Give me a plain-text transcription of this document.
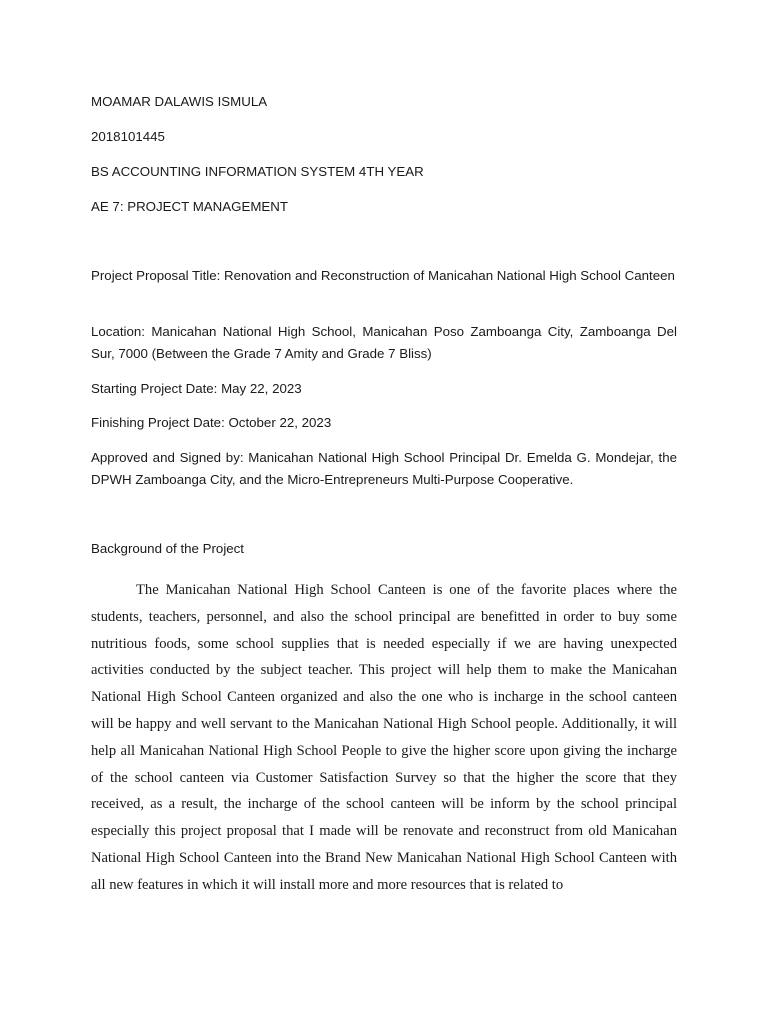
MOAMAR DALAWIS ISMULA

2018101445

BS ACCOUNTING INFORMATION SYSTEM 4TH YEAR

AE 7: PROJECT MANAGEMENT

Project Proposal Title: Renovation and Reconstruction of Manicahan National High School Canteen

Location: Manicahan National High School, Manicahan Poso Zamboanga City, Zamboanga Del Sur, 7000 (Between the Grade 7 Amity and Grade 7 Bliss)

Starting Project Date: May 22, 2023

Finishing Project Date: October 22, 2023

Approved and Signed by: Manicahan National High School Principal Dr. Emelda G. Mondejar, the DPWH Zamboanga City, and the Micro-Entrepreneurs Multi-Purpose Cooperative.

Background of the Project

The Manicahan National High School Canteen is one of the favorite places where the students, teachers, personnel, and also the school principal are benefitted in order to buy some nutritious foods, some school supplies that is needed especially if we are having unexpected activities conducted by the subject teacher. This project will help them to make the Manicahan National High School Canteen organized and also the one who is incharge in the school canteen will be happy and well servant to the Manicahan National High School people. Additionally, it will help all Manicahan National High School People to give the higher score upon giving the incharge of the school canteen via Customer Satisfaction Survey so that the higher the score that they received, as a result, the incharge of the school canteen will be inform by the school principal especially this project proposal that I made will be renovate and reconstruct from old Manicahan National High School Canteen into the Brand New Manicahan National High School Canteen with all new features in which it will install more and more resources that is related to
